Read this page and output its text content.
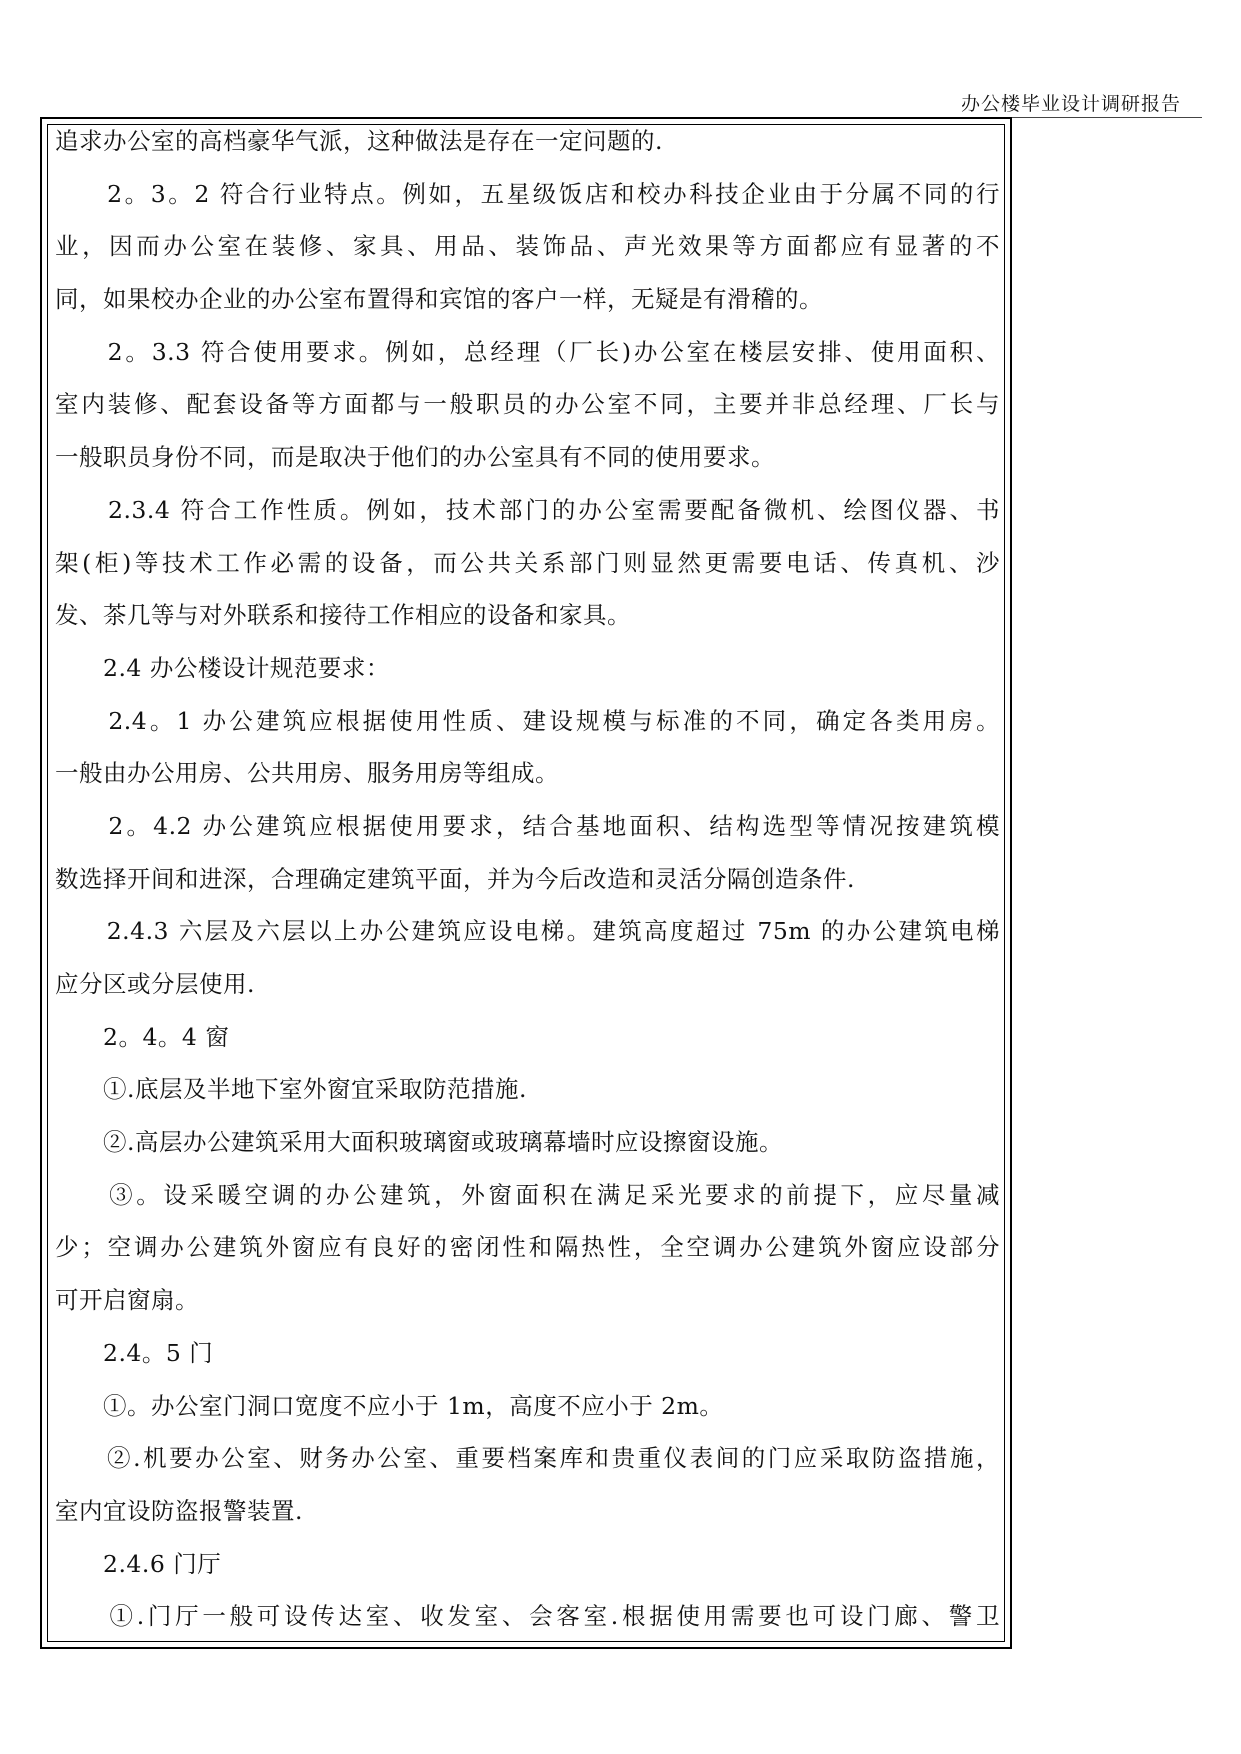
办公楼毕业设计调研报告
追求办公室的高档豪华气派，这种做法是存在一定问题的.
　　2。3。2 符合行业特点。例如，五星级饭店和校办科技企业由于分属不同的行
业，因而办公室在装修、家具、用品、装饰品、声光效果等方面都应有显著的不
同，如果校办企业的办公室布置得和宾馆的客户一样，无疑是有滑稽的。
　　2。3.3 符合使用要求。例如，总经理（厂长)办公室在楼层安排、使用面积、
室内装修、配套设备等方面都与一般职员的办公室不同，主要并非总经理、厂长与
一般职员身份不同，而是取决于他们的办公室具有不同的使用要求。
　　2.3.4 符合工作性质。例如，技术部门的办公室需要配备微机、绘图仪器、书
架(柜)等技术工作必需的设备，而公共关系部门则显然更需要电话、传真机、沙
发、茶几等与对外联系和接待工作相应的设备和家具。
　　2.4 办公楼设计规范要求：
　　2.4。1 办公建筑应根据使用性质、建设规模与标准的不同，确定各类用房。
一般由办公用房、公共用房、服务用房等组成。
　　2。4.2 办公建筑应根据使用要求，结合基地面积、结构选型等情况按建筑模
数选择开间和进深，合理确定建筑平面，并为今后改造和灵活分隔创造条件.
　　2.4.3 六层及六层以上办公建筑应设电梯。建筑高度超过 75m 的办公建筑电梯
应分区或分层使用.
　　2。4。4 窗
　　①.底层及半地下室外窗宜采取防范措施.
　　②.高层办公建筑采用大面积玻璃窗或玻璃幕墙时应设擦窗设施。
　　③。设采暖空调的办公建筑，外窗面积在满足采光要求的前提下，应尽量减
少；空调办公建筑外窗应有良好的密闭性和隔热性，全空调办公建筑外窗应设部分
可开启窗扇。
　　2.4。5 门
　　①。办公室门洞口宽度不应小于 1m，高度不应小于 2m。
　　②.机要办公室、财务办公室、重要档案库和贵重仪表间的门应采取防盗措施，
室内宜设防盗报警装置.
　　2.4.6 门厅
　　①.门厅一般可设传达室、收发室、会客室.根据使用需要也可设门廊、警卫
